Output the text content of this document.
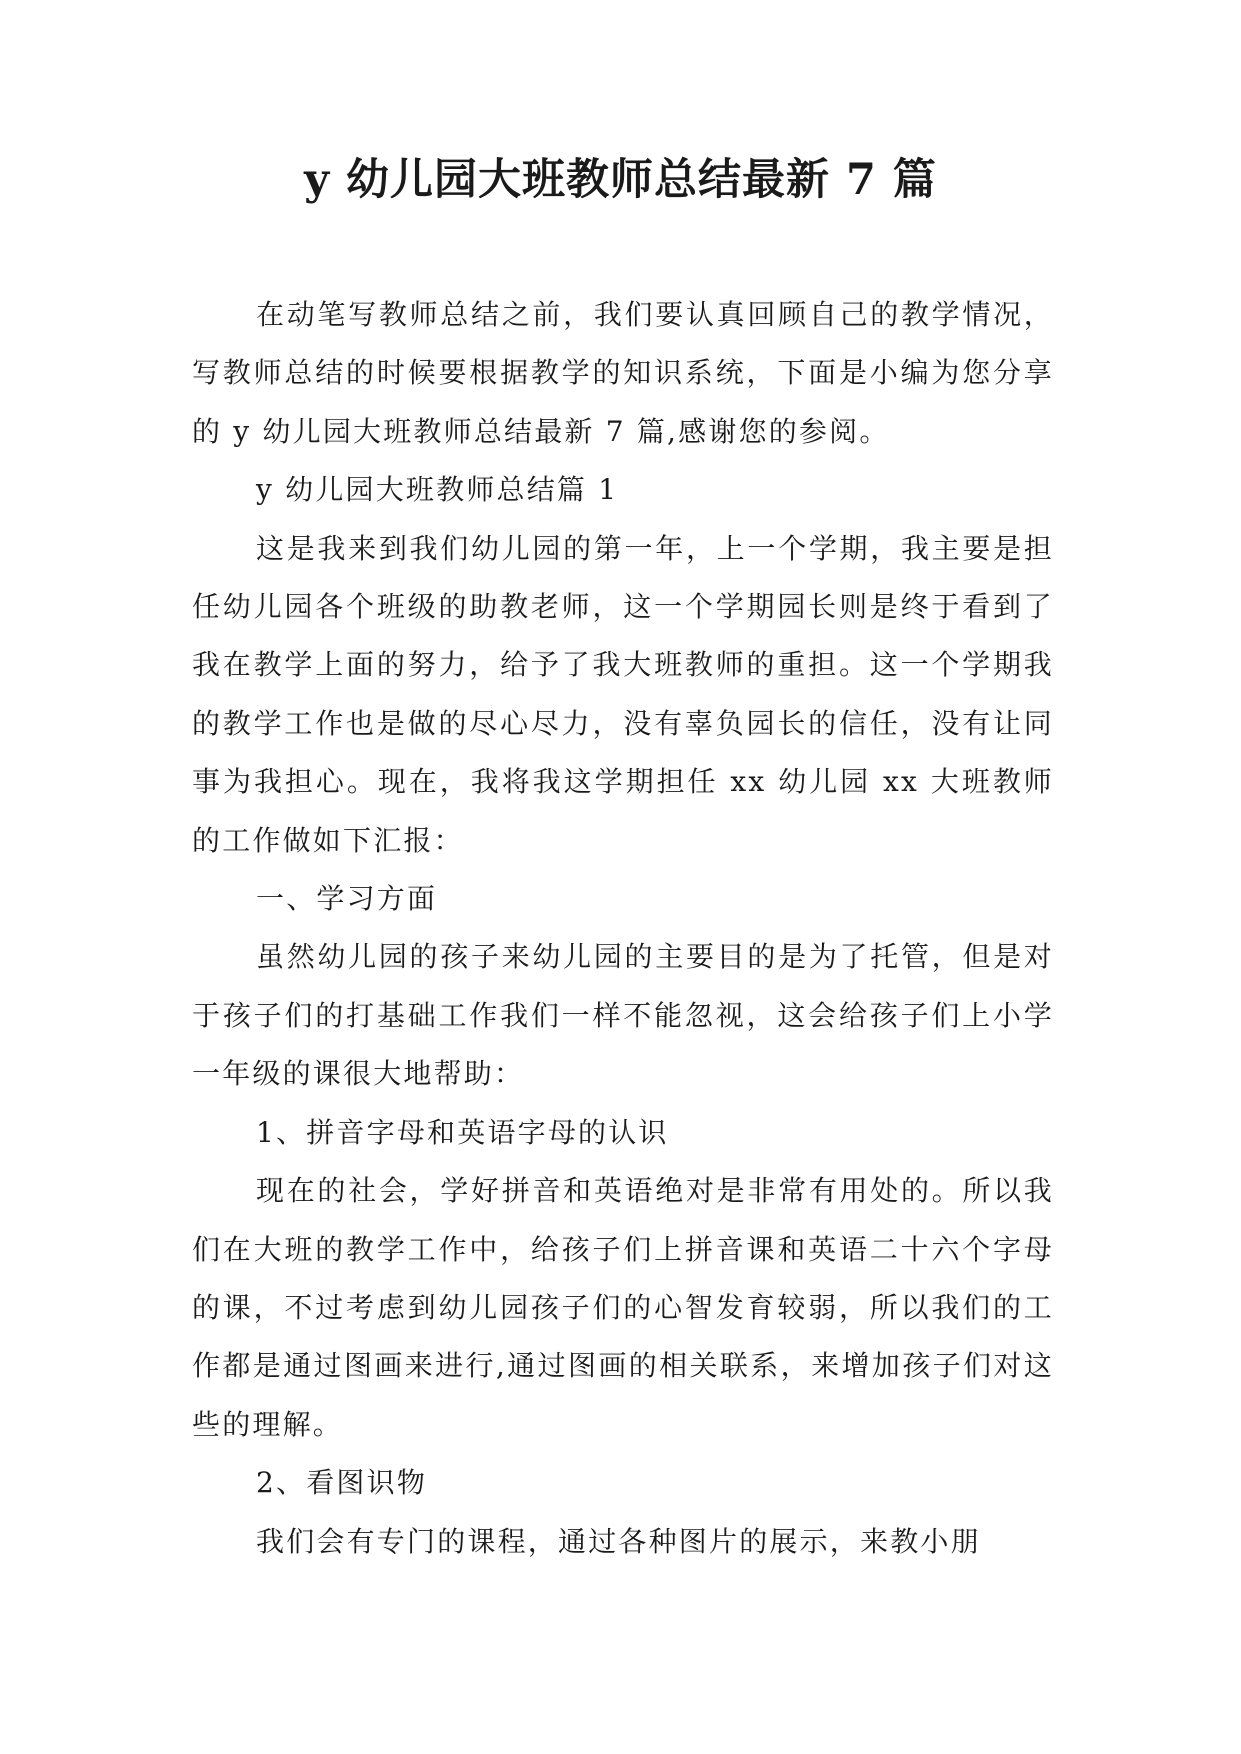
y 幼儿园大班教师总结最新 7 篇

在动笔写教师总结之前，我们要认真回顾自己的教学情况，写教师总结的时候要根据教学的知识系统，下面是小编为您分享的 y 幼儿园大班教师总结最新 7 篇,感谢您的参阅。

y 幼儿园大班教师总结篇 1

这是我来到我们幼儿园的第一年，上一个学期，我主要是担任幼儿园各个班级的助教老师，这一个学期园长则是终于看到了我在教学上面的努力，给予了我大班教师的重担。这一个学期我的教学工作也是做的尽心尽力，没有辜负园长的信任，没有让同事为我担心。现在，我将我这学期担任 xx 幼儿园 xx 大班教师的工作做如下汇报：

一、学习方面

虽然幼儿园的孩子来幼儿园的主要目的是为了托管，但是对于孩子们的打基础工作我们一样不能忽视，这会给孩子们上小学一年级的课很大地帮助：

1、拼音字母和英语字母的认识

现在的社会，学好拼音和英语绝对是非常有用处的。所以我们在大班的教学工作中，给孩子们上拼音课和英语二十六个字母的课，不过考虑到幼儿园孩子们的心智发育较弱，所以我们的工作都是通过图画来进行,通过图画的相关联系，来增加孩子们对这些的理解。

2、看图识物

我们会有专门的课程，通过各种图片的展示，来教小朋
